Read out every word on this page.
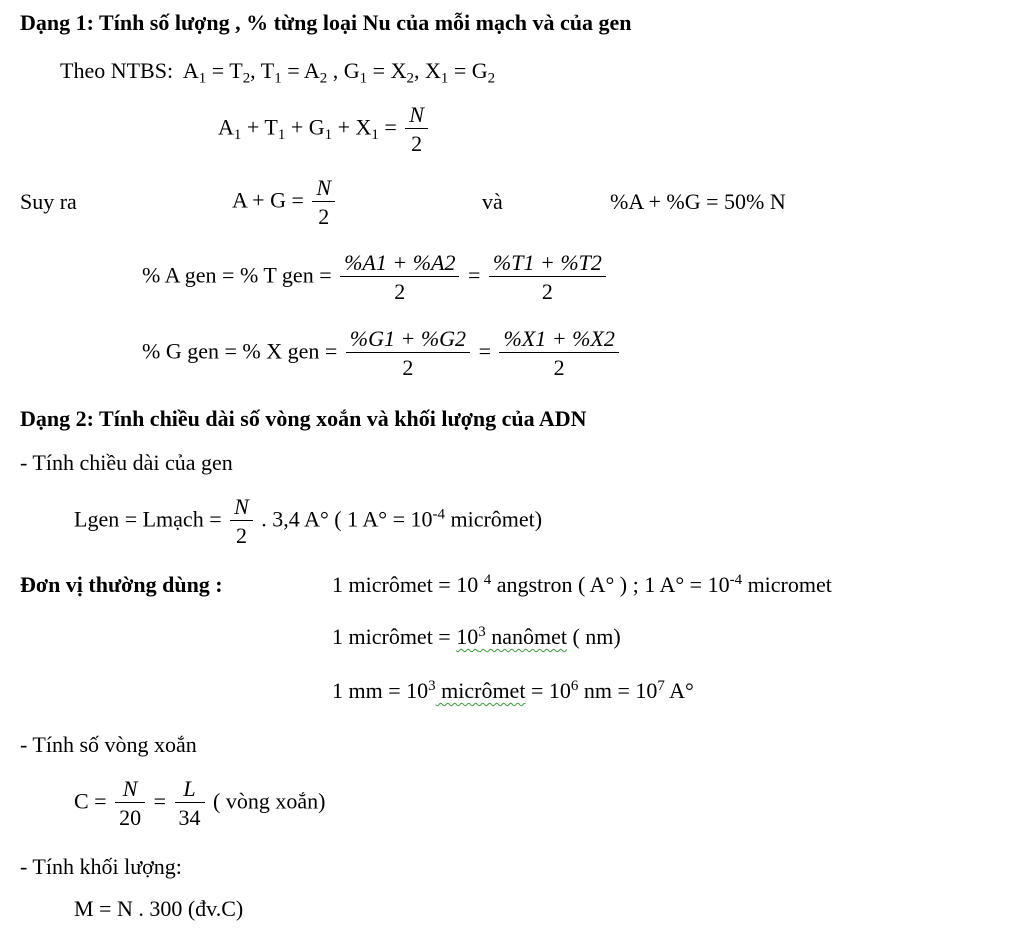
Dạng 1: Tính số lượng , % từng loại Nu của mỗi mạch và của gen
Theo NTBS: $A_1 = T_2$, $T_1 = A_2$ , $G_1 = X_2$, $X_1 = G_2$
$A_1 + T_1 + G_1 + X_1 = \frac{N}{2}$
Suy ra	$A + G = \frac{N}{2}$	và	%A + %G = 50% N
% A gen = % T gen = $\frac{\%A1 + \%A2}{2} = \frac{\%T1 + \%T2}{2}$
% G gen = % X gen = $\frac{\%G1 + \%G2}{2} = \frac{\%X1 + \%X2}{2}$
Dạng 2: Tính chiều dài số vòng xoắn và khối lượng của ADN
- Tính chiều dài của gen
Lgen = Lmạch = $\frac{N}{2}$ . 3,4 A° ( 1 $A^\circ = 10^{-4}$ micrômet)
Đơn vị thường dùng :	1 micrômet = 10 $^4$ angstron ( A° ) ; 1 $A^\circ = 10^{-4}$ micromet
1 micrômet = $10^3$ nanômet ( nm)
1 mm = $10^3$ micrômet = $10^6$ nm = $10^7$ A°
- Tính số vòng xoắn
$C = \frac{N}{20} = \frac{L}{34}$ ( vòng xoắn)
- Tính khối lượng:
M = N . 300 (đv.C)
